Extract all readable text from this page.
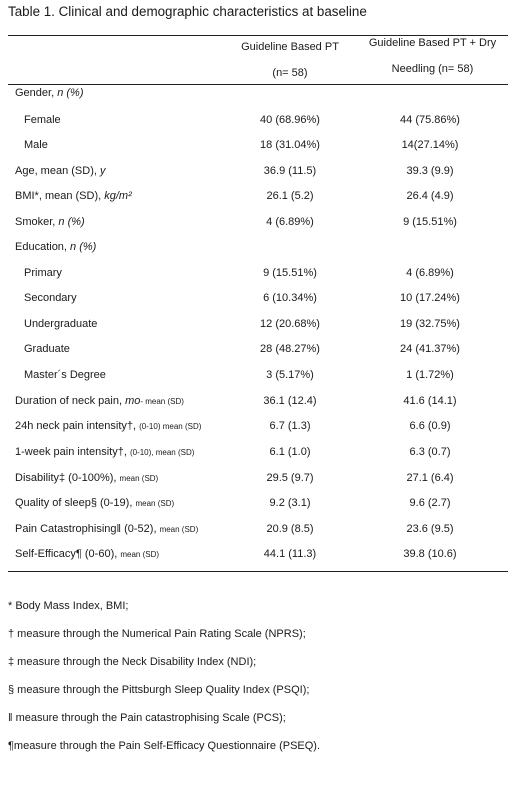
Table 1. Clinical and demographic characteristics at baseline
Guideline Based PT
(n= 58)
Guideline Based PT + Dry
Needling (n= 58)
Gender, n (%)
Female	40 (68.96%)	44 (75.86%)
Male	18 (31.04%)	14(27.14%)
Age, mean (SD), y	36.9 (11.5)	39.3 (9.9)
BMI*, mean (SD), kg/m²	26.1 (5.2)	26.4 (4.9)
Smoker, n (%)	4 (6.89%)	9 (15.51%)
Education, n (%)
Primary	9 (15.51%)	4 (6.89%)
Secondary	6 (10.34%)	10 (17.24%)
Undergraduate	12 (20.68%)	19 (32.75%)
Graduate	28 (48.27%)	24 (41.37%)
Master´s Degree	3 (5.17%)	1 (1.72%)
Duration of neck pain, mo- mean (SD)	36.1 (12.4)	41.6 (14.1)
24h neck pain intensity†, (0-10) mean (SD)	6.7 (1.3)	6.6 (0.9)
1-week pain intensity†, (0-10), mean (SD)	6.1 (1.0)	6.3 (0.7)
Disability‡ (0-100%), mean (SD)	29.5 (9.7)	27.1 (6.4)
Quality of sleep§ (0-19), mean (SD)	9.2 (3.1)	9.6 (2.7)
Pain Catastrophising‖ (0-52), mean (SD)	20.9 (8.5)	23.6 (9.5)
Self-Efficacy¶ (0-60), mean (SD)	44.1 (11.3)	39.8 (10.6)
* Body Mass Index, BMI;
† measure through the Numerical Pain Rating Scale (NPRS);
‡ measure through the Neck Disability Index (NDI);
§ measure through the Pittsburgh Sleep Quality Index (PSQI);
‖ measure through the Pain catastrophising Scale (PCS);
¶measure through the Pain Self-Efficacy Questionnaire (PSEQ).
